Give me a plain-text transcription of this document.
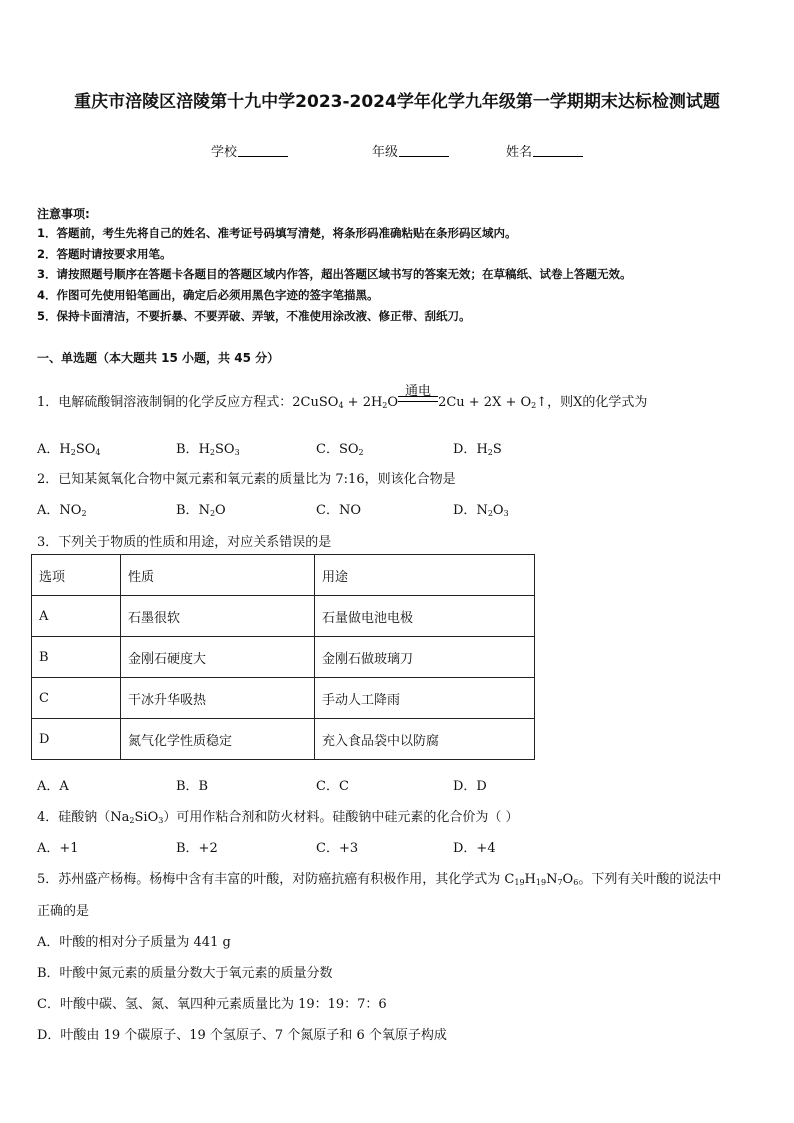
重庆市涪陵区涪陵第十九中学2023-2024学年化学九年级第一学期期末达标检测试题
学校	年级	姓名
注意事项:
1．答题前，考生先将自己的姓名、准考证号码填写清楚，将条形码准确粘贴在条形码区域内。
2．答题时请按要求用笔。
3．请按照题号顺序在答题卡各题目的答题区域内作答，超出答题区域书写的答案无效；在草稿纸、试卷上答题无效。
4．作图可先使用铅笔画出，确定后必须用黑色字迹的签字笔描黑。
5．保持卡面清洁，不要折暴、不要弄破、弄皱，不准使用涂改液、修正带、刮纸刀。
一、单选题（本大题共 15 小题，共 45 分）
1．电解硫酸铜溶液制铜的化学反应方程式：2CuSO$_4$ + $2H_2O$
通电
$2Cu + 2X + O_2↑$，则X的化学式为
A．$H_2SO_4$	B．$H_2SO_3$	C．$SO_2$	D．$H_2S$
2．已知某氮氧化合物中氮元素和氧元素的质量比为 7:16，则该化合物是
A．$NO_2$	B．$N_2O$	C．NO	D．$N_2O_3$
3．下列关于物质的性质和用途，对应关系错误的是
选项	性质	用途
A	石墨很软	石量做电池电极
B	金刚石硬度大	金刚石做玻璃刀
C	干冰升华吸热	手动人工降雨
D	氮气化学性质稳定	充入食品袋中以防腐
A．A	B．B	C．C	D．D
4．硅酸钠$(Na_2SiO_3)$可用作粘合剂和防火材料。硅酸钠中硅元素的化合价为（ ）
A．+1	B．+2	C．+3	D．+4
5．苏州盛产杨梅。杨梅中含有丰富的叶酸，对防癌抗癌有积极作用，其化学式为 $C_{19}H_{19}N_7O_6$。下列有关叶酸的说法中
正确的是
A．叶酸的相对分子质量为 441 g
B．叶酸中氮元素的质量分数大于氧元素的质量分数
C．叶酸中碳、氢、氮、氧四种元素质量比为 19：19：7：6
D．叶酸由 19 个碳原子、19 个氢原子、7 个氮原子和 6 个氧原子构成
